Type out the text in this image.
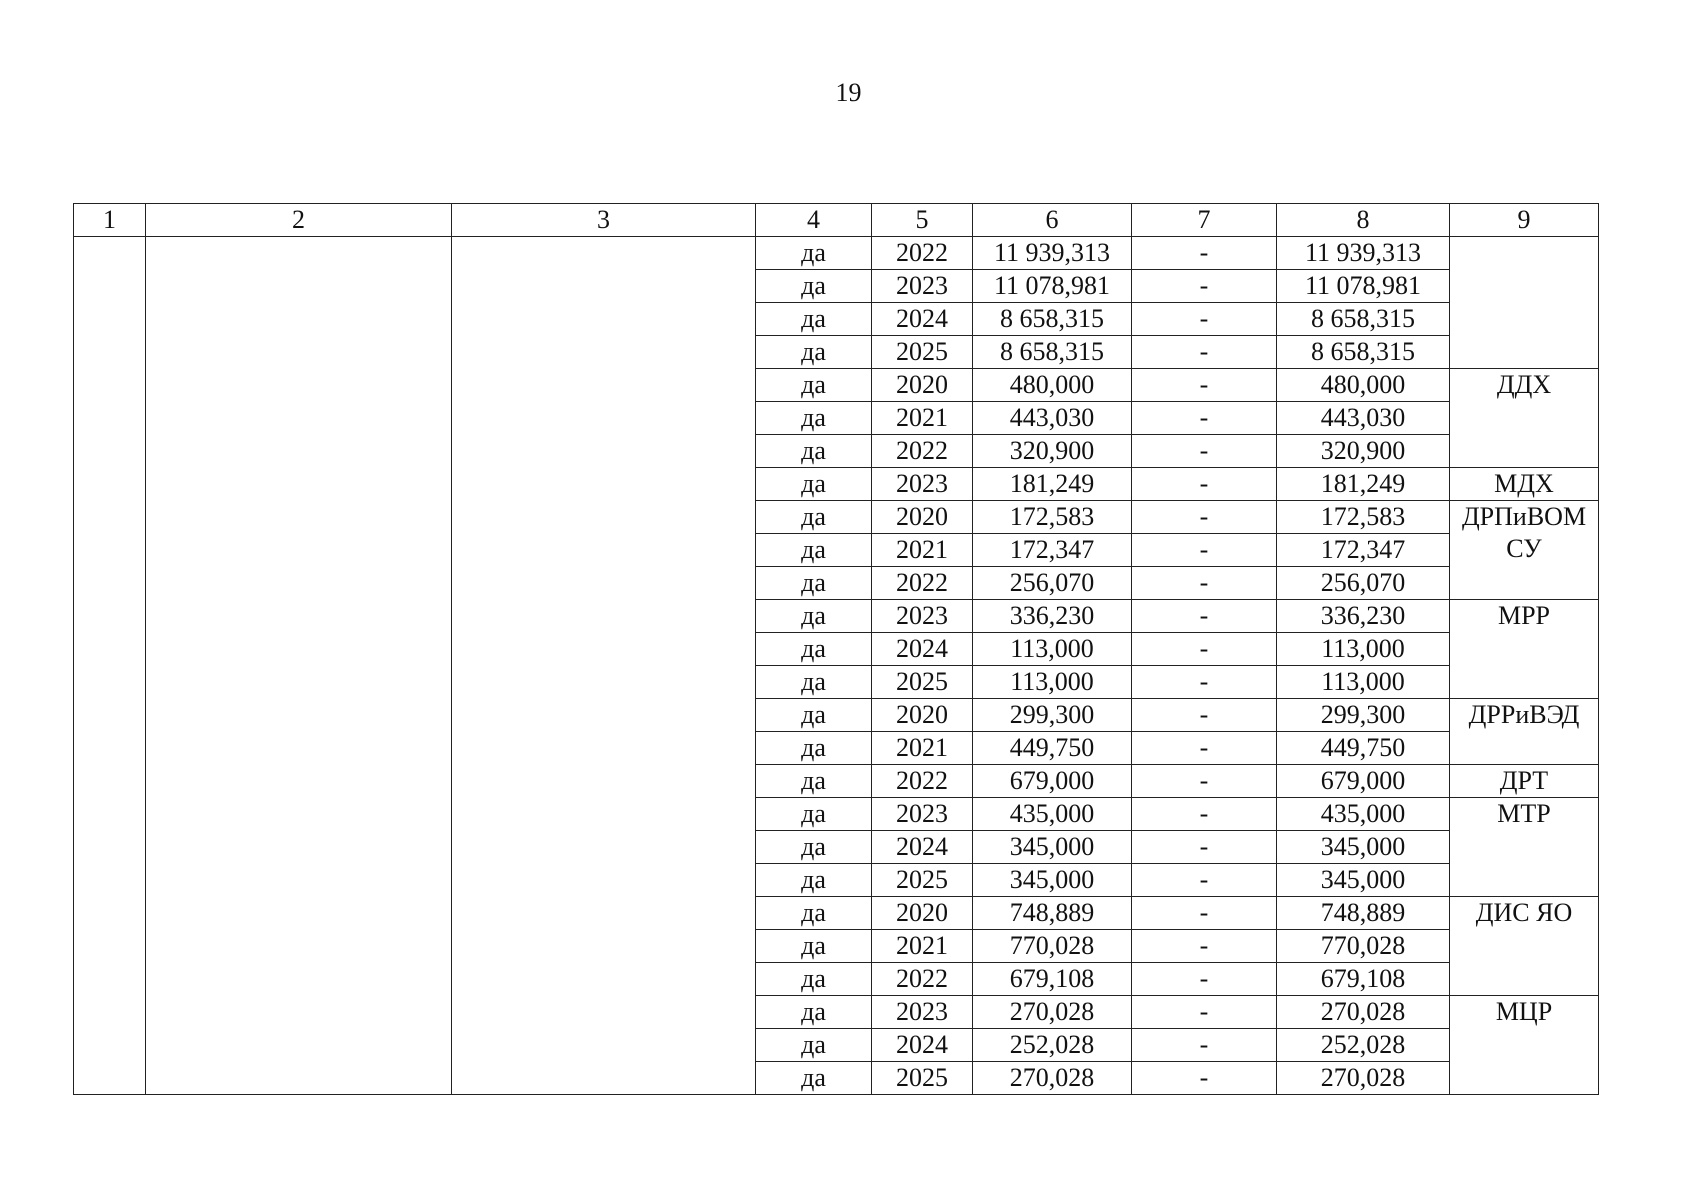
19
1	2	3	4	5	6	7	8	9
			да	2022	11 939,313	-	11 939,313	
			да	2023	11 078,981	-	11 078,981	
			да	2024	8 658,315	-	8 658,315	
			да	2025	8 658,315	-	8 658,315	
			да	2020	480,000	-	480,000	ДДХ
			да	2021	443,030	-	443,030	
			да	2022	320,900	-	320,900	
			да	2023	181,249	-	181,249	МДХ
			да	2020	172,583	-	172,583	ДРПиВОМ СУ
			да	2021	172,347	-	172,347	
			да	2022	256,070	-	256,070	
			да	2023	336,230	-	336,230	МРР
			да	2024	113,000	-	113,000	
			да	2025	113,000	-	113,000	
			да	2020	299,300	-	299,300	ДРРиВЭД
			да	2021	449,750	-	449,750	
			да	2022	679,000	-	679,000	ДРТ
			да	2023	435,000	-	435,000	МТР
			да	2024	345,000	-	345,000	
			да	2025	345,000	-	345,000	
			да	2020	748,889	-	748,889	ДИС ЯО
			да	2021	770,028	-	770,028	
			да	2022	679,108	-	679,108	
			да	2023	270,028	-	270,028	МЦР
			да	2024	252,028	-	252,028	
			да	2025	270,028	-	270,028	
